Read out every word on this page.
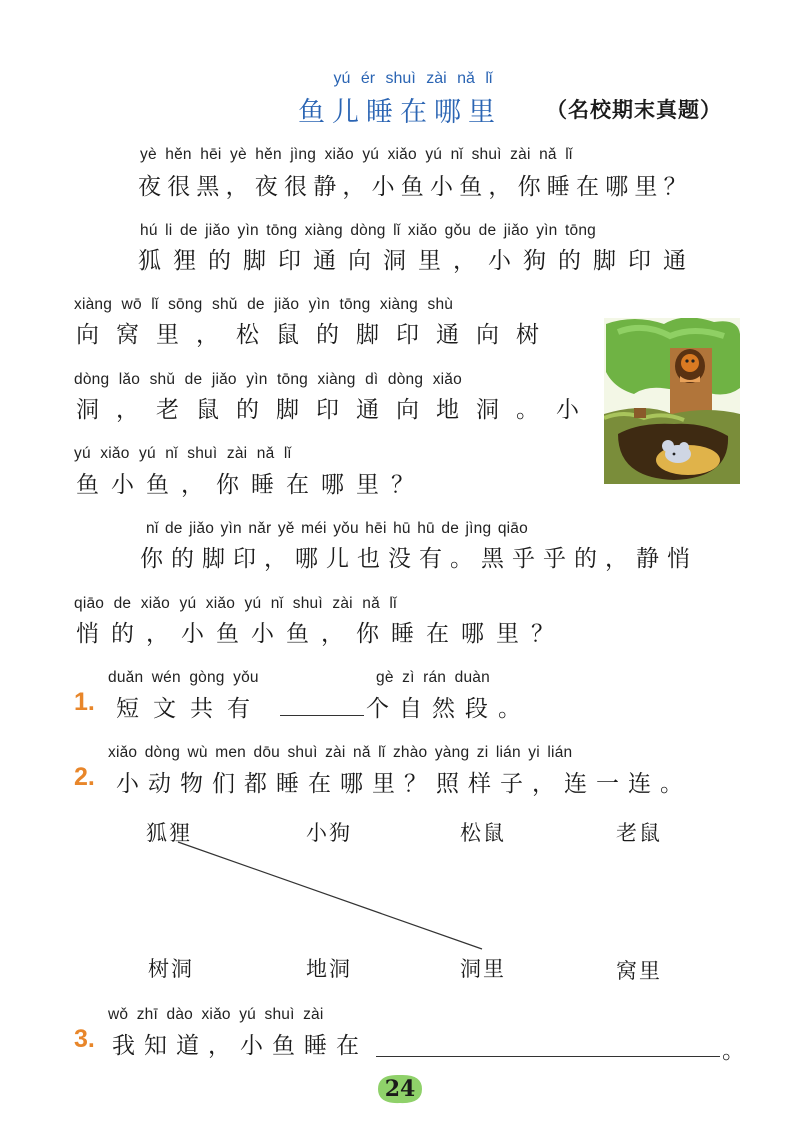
yú ér shuì zài nǎ lǐ
鱼儿睡在哪里 （名校期末真题）
yè hěn hēi yè hěn jìng xiǎo yú xiǎo yú nǐ shuì zài nǎ lǐ
夜很黑，夜很静，小鱼小鱼，你睡在哪里？
hú li de jiǎo yìn tōng xiàng dòng lǐ xiǎo gǒu de jiǎo yìn tōng
狐狸的脚印通向洞里，小狗的脚印通
xiàng wō lǐ sōng shǔ de jiǎo yìn tōng xiàng shù
向窝里，松鼠的脚印通向树
dòng lǎo shǔ de jiǎo yìn tōng xiàng dì dòng xiǎo
洞，老鼠的脚印通向地洞。小
yú xiǎo yú nǐ shuì zài nǎ lǐ
鱼小鱼，你睡在哪里？
nǐ de jiǎo yìn nǎr yě méi yǒu hēi hū hū de jìng qiāo
你的脚印，哪儿也没有。黑乎乎的，静悄
qiāo de xiǎo yú xiǎo yú nǐ shuì zài nǎ lǐ
悄的，小鱼小鱼，你睡在哪里？
duǎn wén gòng yǒu	gè zì rán duàn
1. 短文共有	个自然段。
xiǎo dòng wù men dōu shuì zài nǎ lǐ zhào yàng zi lián yi lián
2. 小动物们都睡在哪里？照样子，连一连。
狐狸	小狗	松鼠	老鼠
树洞	地洞	洞里	窝里
wǒ zhī dào xiǎo yú shuì zài
3. 我知道，小鱼睡在	。
24
